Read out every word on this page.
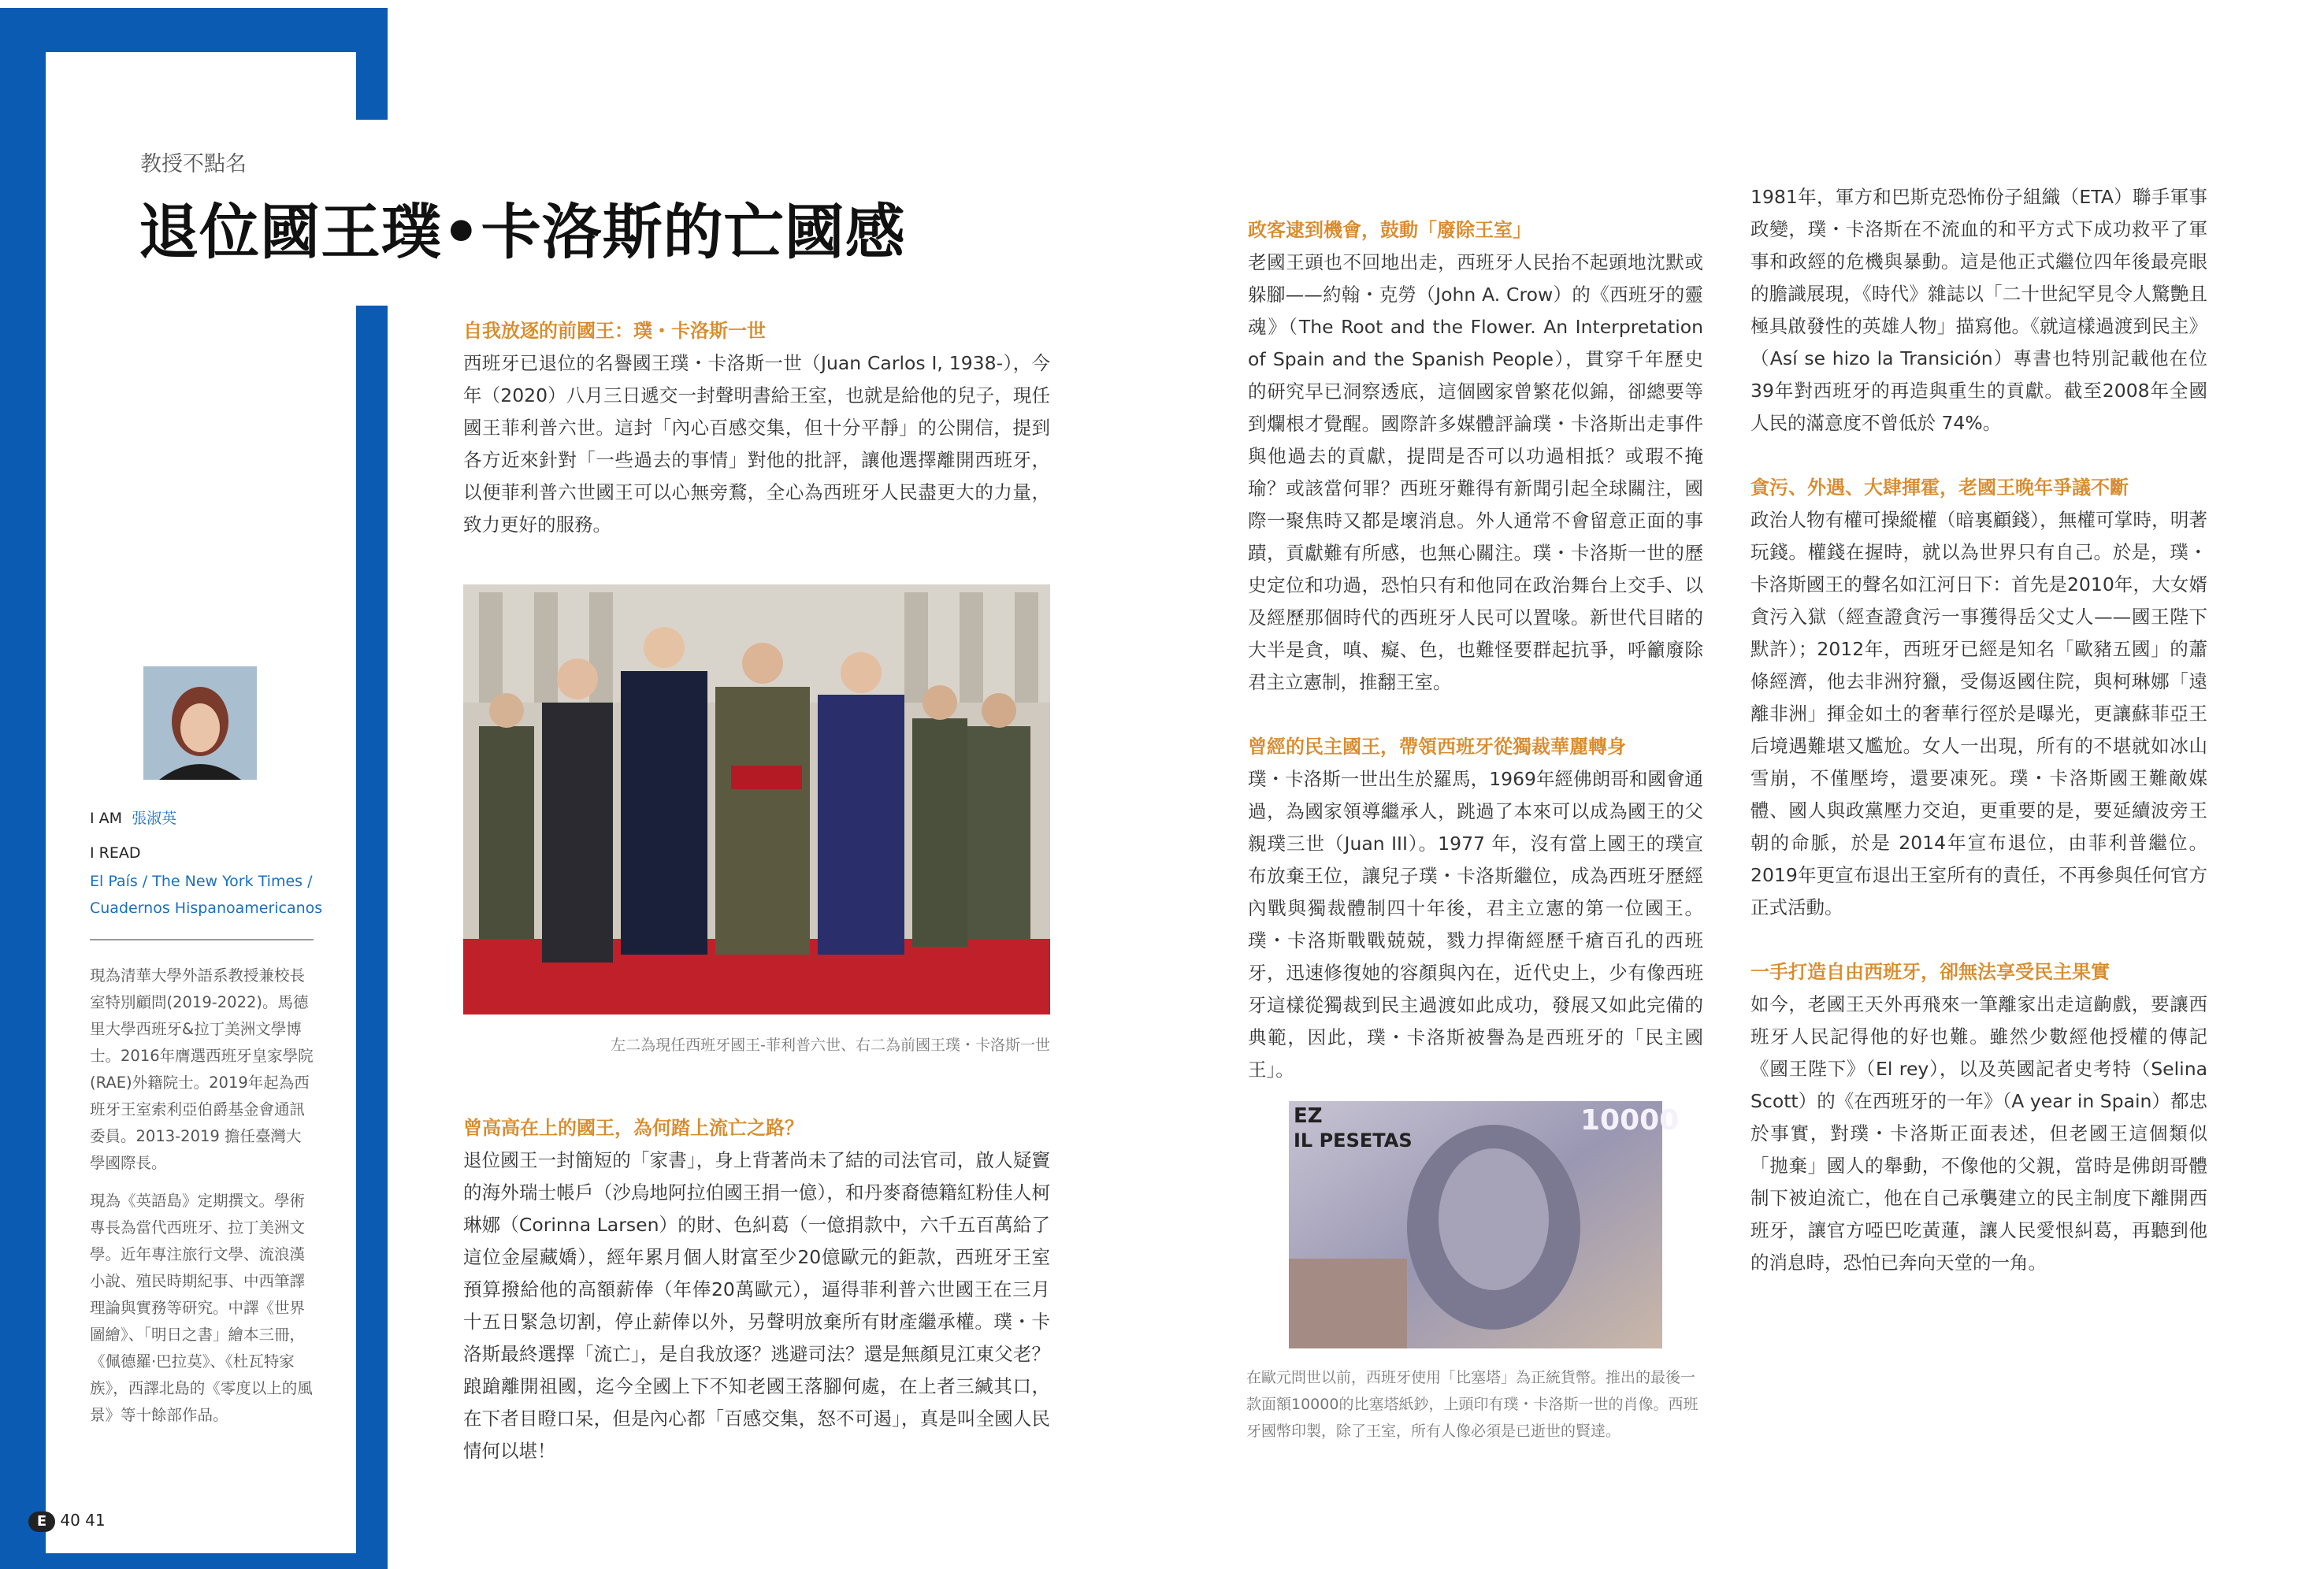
教授不點名
退位國王璞•卡洛斯的亡國感
I AM 張淑英
I READ
El País / The New York Times /
Cuadernos Hispanoamericanos

現為清華大學外語系教授兼校長室特別顧問(2019-2022)。馬德里大學西班牙&拉丁美洲文學博士。2016年膺選西班牙皇家學院(RAE)外籍院士。2019年起為西班牙王室索利亞伯爵基金會通訊委員。2013-2019 擔任臺灣大學國際長。

現為《英語島》定期撰文。學術專長為當代西班牙、拉丁美洲文學。近年專注旅行文學、流浪漢小說、殖民時期紀事、中西筆譯理論與實務等研究。中譯《世界圖繪》、「明日之書」繪本三冊，《佩德羅·巴拉莫》、《杜瓦特家族》，西譯北島的《零度以上的風景》等十餘部作品。

自我放逐的前國王：璞・卡洛斯一世

西班牙已退位的名譽國王璞・卡洛斯一世（Juan Carlos I, 1938-），今年（2020）八月三日遞交一封聲明書給王室，也就是給他的兒子，現任國王菲利普六世。這封「內心百感交集，但十分平靜」的公開信，提到各方近來針對「一些過去的事情」對他的批評，讓他選擇離開西班牙，以便菲利普六世國王可以心無旁鶩，全心為西班牙人民盡更大的力量，致力更好的服務。

左二為現任西班牙國王-菲利普六世、右二為前國王璞・卡洛斯一世

曾高高在上的國王，為何踏上流亡之路？

退位國王一封簡短的「家書」，身上背著尚未了結的司法官司，啟人疑竇的海外瑞士帳戶（沙烏地阿拉伯國王捐一億），和丹麥裔德籍紅粉佳人柯琳娜（Corinna Larsen）的財、色糾葛（一億捐款中，六千五百萬給了這位金屋藏嬌），經年累月個人財富至少20億歐元的鉅款，西班牙王室預算撥給他的高額薪俸（年俸20萬歐元），逼得菲利普六世國王在三月十五日緊急切割，停止薪俸以外，另聲明放棄所有財產繼承權。璞・卡洛斯最終選擇「流亡」，是自我放逐？逃避司法？還是無顏見江東父老？踉蹌離開祖國，迄今全國上下不知老國王落腳何處，在上者三緘其口，在下者目瞪口呆，但是內心都「百感交集，怒不可遏」，真是叫全國人民情何以堪！

政客逮到機會，鼓動「廢除王室」

老國王頭也不回地出走，西班牙人民抬不起頭地沈默或躲腳——約翰・克勞（John A. Crow）的《西班牙的靈魂》（The Root and the Flower. An Interpretation of Spain and the Spanish People），貫穿千年歷史的研究早已洞察透底，這個國家曾繁花似錦，卻總要等到爛根才覺醒。國際許多媒體評論璞・卡洛斯出走事件與他過去的貢獻，提問是否可以功過相抵？或瑕不掩瑜？或該當何罪？西班牙難得有新聞引起全球關注，國際一聚焦時又都是壞消息。外人通常不會留意正面的事蹟，貢獻難有所感，也無心關注。璞・卡洛斯一世的歷史定位和功過，恐怕只有和他同在政治舞台上交手、以及經歷那個時代的西班牙人民可以置喙。新世代目睹的大半是貪，嗔、癡、色，也難怪要群起抗爭，呼籲廢除君主立憲制，推翻王室。

曾經的民主國王，帶領西班牙從獨裁華麗轉身

璞・卡洛斯一世出生於羅馬，1969年經佛朗哥和國會通過，為國家領導繼承人，跳過了本來可以成為國王的父親璞三世（Juan III）。1977 年，沒有當上國王的璞宣布放棄王位，讓兒子璞・卡洛斯繼位，成為西班牙歷經內戰與獨裁體制四十年後，君主立憲的第一位國王。璞・卡洛斯戰戰兢兢，戮力捍衛經歷千瘡百孔的西班牙，迅速修復她的容顏與內在，近代史上，少有像西班牙這樣從獨裁到民主過渡如此成功，發展又如此完備的典範，因此，璞・卡洛斯被譽為是西班牙的「民主國王」。

EZ
IL PESETAS
10000
在歐元問世以前，西班牙使用「比塞塔」為正統貨幣。推出的最後一款面額10000的比塞塔紙鈔，上頭印有璞・卡洛斯一世的肖像。西班牙國幣印製，除了王室，所有人像必須是已逝世的賢達。

1981年，軍方和巴斯克恐怖份子組織（ETA）聯手軍事政變，璞・卡洛斯在不流血的和平方式下成功救平了軍事和政經的危機與暴動。這是他正式繼位四年後最亮眼的膽識展現，《時代》雜誌以「二十世紀罕見令人驚艷且極具啟發性的英雄人物」描寫他。《就這樣過渡到民主》（Así se hizo la Transición）專書也特別記載他在位39年對西班牙的再造與重生的貢獻。截至2008年全國人民的滿意度不曾低於 74%。

貪污、外遇、大肆揮霍，老國王晚年爭議不斷

政治人物有權可操縱權（暗裏顧錢），無權可掌時，明著玩錢。權錢在握時，就以為世界只有自己。於是，璞・卡洛斯國王的聲名如江河日下：首先是2010年，大女婿貪污入獄（經查證貪污一事獲得岳父丈人——國王陛下默許）；2012年，西班牙已經是知名「歐豬五國」的蕭條經濟，他去非洲狩獵，受傷返國住院，與柯琳娜「遠離非洲」揮金如土的奢華行徑於是曝光，更讓蘇菲亞王后境遇難堪又尷尬。女人一出現，所有的不堪就如冰山雪崩，不僅壓垮，還要凍死。璞・卡洛斯國王難敵媒體、國人與政黨壓力交迫，更重要的是，要延續波旁王朝的命脈，於是 2014年宣布退位，由菲利普繼位。2019年更宣布退出王室所有的責任，不再參與任何官方正式活動。

一手打造自由西班牙，卻無法享受民主果實

如今，老國王天外再飛來一筆離家出走這齣戲，要讓西班牙人民記得他的好也難。雖然少數經他授權的傳記《國王陛下》（El rey），以及英國記者史考特（Selina Scott）的《在西班牙的一年》（A year in Spain）都忠於事實，對璞・卡洛斯正面表述，但老國王這個類似「拋棄」國人的舉動，不像他的父親，當時是佛朗哥體制下被迫流亡，他在自己承襲建立的民主制度下離開西班牙，讓官方啞巴吃黃蓮，讓人民愛恨糾葛，再聽到他的消息時，恐怕已奔向天堂的一角。

E 40 41
